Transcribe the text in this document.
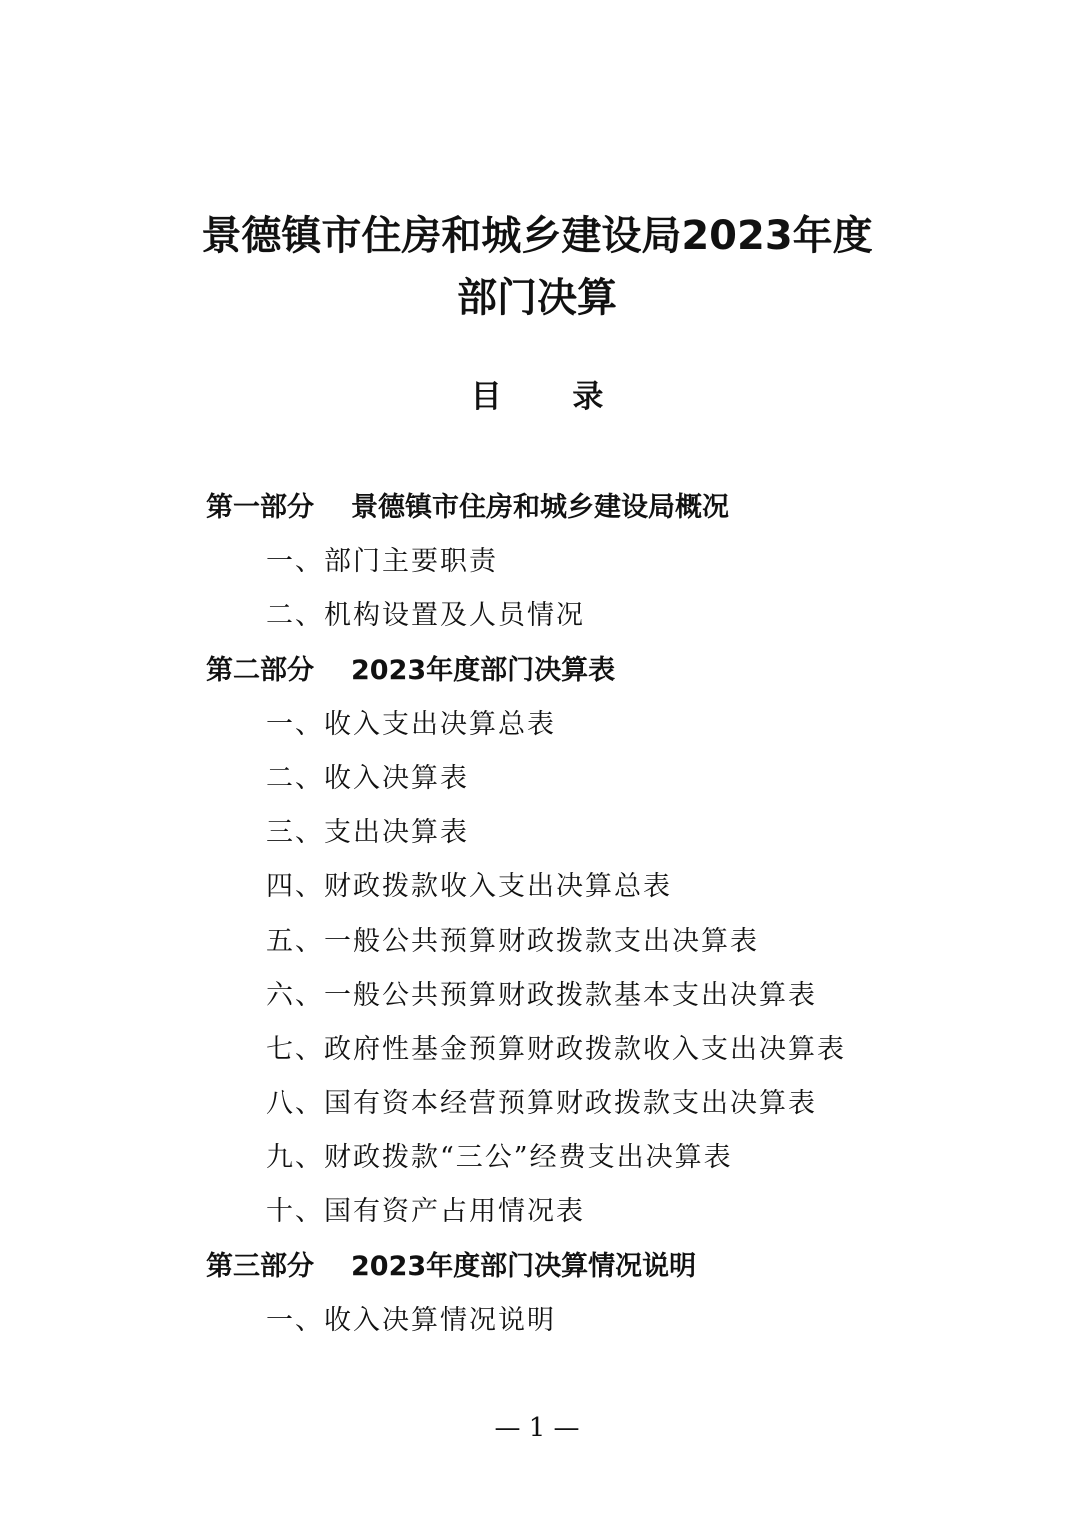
景德镇市住房和城乡建设局2023年度
部门决算
目 录
第一部分 景德镇市住房和城乡建设局概况
一、部门主要职责
二、机构设置及人员情况
第二部分 2023年度部门决算表
一、收入支出决算总表
二、收入决算表
三、支出决算表
四、财政拨款收入支出决算总表
五、一般公共预算财政拨款支出决算表
六、一般公共预算财政拨款基本支出决算表
七、政府性基金预算财政拨款收入支出决算表
八、国有资本经营预算财政拨款支出决算表
九、财政拨款“三公”经费支出决算表
十、国有资产占用情况表
第三部分 2023年度部门决算情况说明
一、收入决算情况说明
— 1 —
